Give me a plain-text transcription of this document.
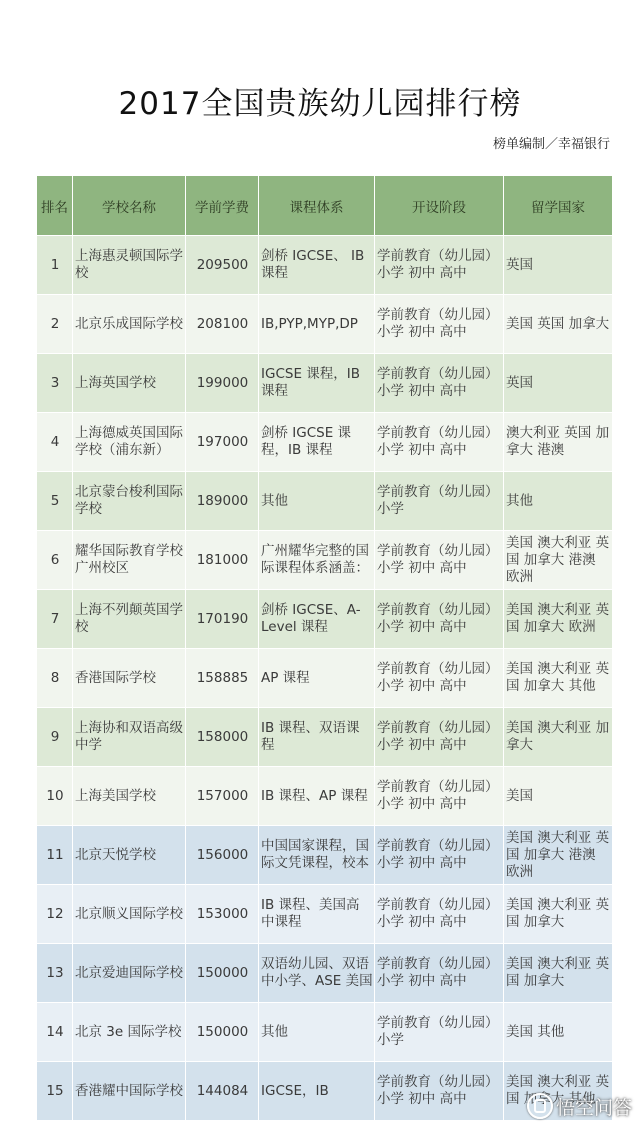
2017全国贵族幼儿园排行榜
榜单编制／幸福银行
排名	学校名称	学前学费	课程体系	开设阶段	留学国家
1	上海惠灵顿国际学校	209500	剑桥 IGCSE、 IB 课程	学前教育（幼儿园）小学 初中 高中	英国
2	北京乐成国际学校	208100	IB,PYP,MYP,DP	学前教育（幼儿园）小学 初中 高中	美国 英国 加拿大
3	上海英国学校	199000	IGCSE 课程，IB 课程	学前教育（幼儿园）小学 初中 高中	英国
4	上海德威英国国际学校（浦东新）	197000	剑桥 IGCSE 课程，IB 课程	学前教育（幼儿园）小学 初中 高中	澳大利亚 英国 加拿大 港澳
5	北京蒙台梭利国际学校	189000	其他	学前教育（幼儿园）小学	其他
6	耀华国际教育学校广州校区	181000	广州耀华完整的国际课程体系涵盖：	学前教育（幼儿园）小学 初中 高中	美国 澳大利亚 英国 加拿大 港澳 欧洲
7	上海不列颠英国学校	170190	剑桥 IGCSE、A-Level 课程	学前教育（幼儿园）小学 初中 高中	美国 澳大利亚 英国 加拿大 欧洲
8	香港国际学校	158885	AP 课程	学前教育（幼儿园）小学 初中 高中	美国 澳大利亚 英国 加拿大 其他
9	上海协和双语高级中学	158000	IB 课程、双语课程	学前教育（幼儿园）小学 初中 高中	美国 澳大利亚 加拿大
10	上海美国学校	157000	IB 课程、AP 课程	学前教育（幼儿园）小学 初中 高中	美国
11	北京天悦学校	156000	中国国家课程，国际文凭课程，校本	学前教育（幼儿园）小学 初中 高中	美国 澳大利亚 英国 加拿大 港澳 欧洲
12	北京顺义国际学校	153000	IB 课程、美国高中课程	学前教育（幼儿园）小学 初中 高中	美国 澳大利亚 英国 加拿大
13	北京爱迪国际学校	150000	双语幼儿园、双语中小学、ASE 美国	学前教育（幼儿园）小学 初中 高中	美国 澳大利亚 英国 加拿大
14	北京 3e 国际学校	150000	其他	学前教育（幼儿园）小学	美国 其他
15	香港耀中国际学校	144084	IGCSE，IB	学前教育（幼儿园）小学 初中 高中	美国 澳大利亚 英国 加拿大 其他
悟空问答
